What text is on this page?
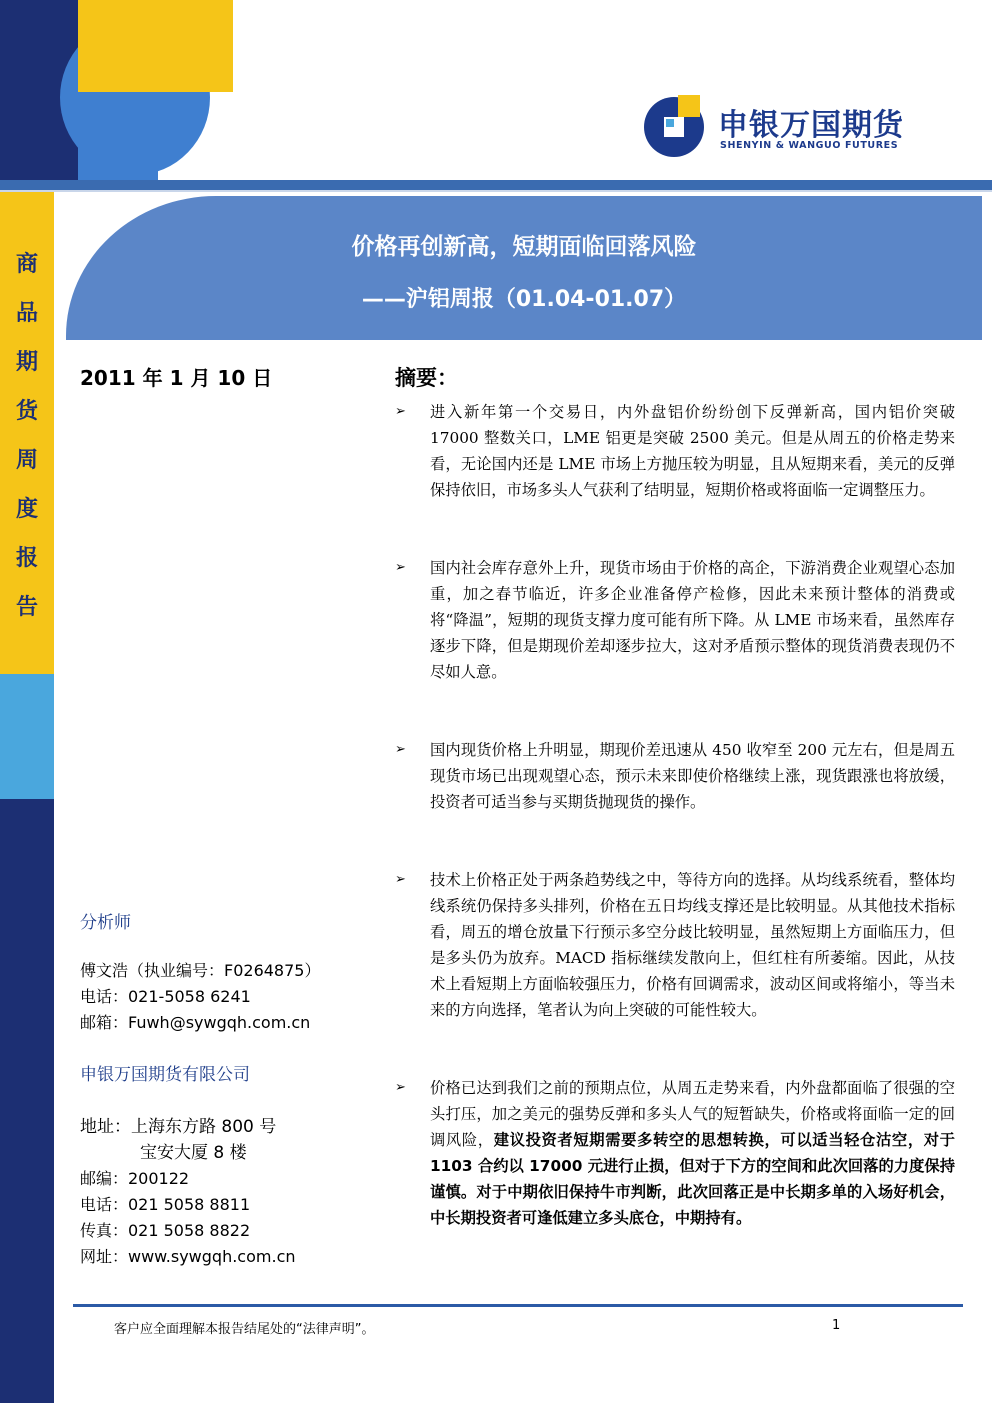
申银万国期货
SHENYIN & WANGUO FUTURES
商
品
期
货
周
度
报
告
价格再创新高，短期面临回落风险
——沪铝周报（01.04-01.07）
2011 年 1 月 10 日
分析师
傅文浩（执业编号：F0264875）
电话：021-5058 6241
邮箱：Fuwh@sywgqh.com.cn
申银万国期货有限公司
地址：上海东方路 800 号
宝安大厦 8 楼
邮编：200122
电话：021 5058 8811
传真：021 5058 8822
网址：www.sywgqh.com.cn
摘要：
➢ 进入新年第一个交易日，内外盘铝价纷纷创下反弹新高，国内铝价突破 17000 整数关口，LME 铝更是突破 2500 美元。但是从周五的价格走势来看，无论国内还是 LME 市场上方抛压较为明显，且从短期来看，美元的反弹保持依旧，市场多头人气获利了结明显，短期价格或将面临一定调整压力。
➢ 国内社会库存意外上升，现货市场由于价格的高企，下游消费企业观望心态加重，加之春节临近，许多企业准备停产检修，因此未来预计整体的消费或将“降温”，短期的现货支撑力度可能有所下降。从 LME 市场来看，虽然库存逐步下降，但是期现价差却逐步拉大，这对矛盾预示整体的现货消费表现仍不尽如人意。
➢ 国内现货价格上升明显，期现价差迅速从 450 收窄至 200 元左右，但是周五现货市场已出现观望心态，预示未来即使价格继续上涨，现货跟涨也将放缓，投资者可适当参与买期货抛现货的操作。
➢ 技术上价格正处于两条趋势线之中，等待方向的选择。从均线系统看，整体均线系统仍保持多头排列，价格在五日均线支撑还是比较明显。从其他技术指标看，周五的增仓放量下行预示多空分歧比较明显，虽然短期上方面临压力，但是多头仍为放弃。MACD 指标继续发散向上，但红柱有所萎缩。因此，从技术上看短期上方面临较强压力，价格有回调需求，波动区间或将缩小，等当未来的方向选择，笔者认为向上突破的可能性较大。
➢ 价格已达到我们之前的预期点位，从周五走势来看，内外盘都面临了很强的空头打压，加之美元的强势反弹和多头人气的短暂缺失，价格或将面临一定的回调风险，建议投资者短期需要多转空的思想转换，可以适当轻仓沽空，对于 1103 合约以 17000 元进行止损，但对于下方的空间和此次回落的力度保持谨慎。对于中期依旧保持牛市判断，此次回落正是中长期多单的入场好机会，中长期投资者可逢低建立多头底仓，中期持有。
客户应全面理解本报告结尾处的“法律声明”。	1
